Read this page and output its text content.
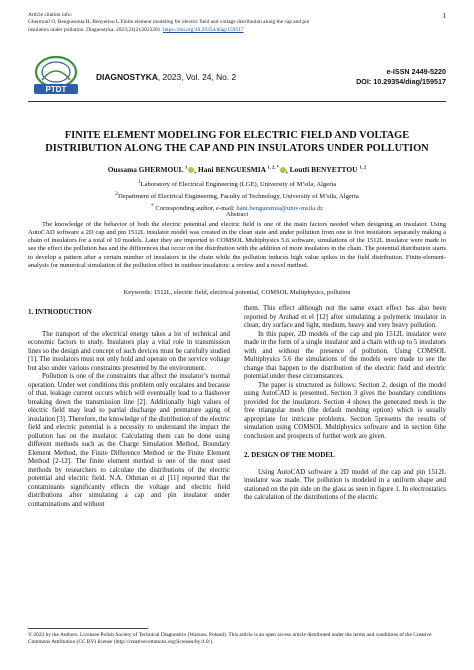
Article citation info:
Ghermoul O, Benguesmia H, Benyettou L.Finite element modeling for electric field and voltage distribution along the cap and pin
insulators under pollution. Diagnostyka. 2023;24(2):2023201. https://doi.org/10.29354/diag/159517
1
PTDT
DIAGNOSTYKA, 2023, Vol. 24, No. 2
e-ISSN 2449-5220
DOI: 10.29354/diag/159517
FINITE ELEMENT MODELING FOR ELECTRIC FIELD AND VOLTAGE
DISTRIBUTION ALONG THE CAP AND PIN INSULATORS UNDER POLLUTION
Oussama GHERMOUL $^1$ , Hani BENGUESMIA $^{1, 2, *}$ , Loutfi BENYETTOU $^{1, 2}$
$^1$Laboratory of Electrical Engineering (LGE), University of M’sila, Algeria
$^2$Department of Electrical Engineering, Faculty of Technology, University of M’sila, Algeria
* Corresponding author, e-mail: hani.benguesmia@univ-msila.dz
Abstract
The knowledge of the behavior of both the electric potential and electric field is one of the main factors needed when designing an insulator. Using AutoCAD software a 2D cap and pin 1512L insulator model was created in the clean state and under pollution from one to five insulators separately making a chain of insulators for a total of 10 models. Later they are imported to COMSOL Multiphysics 5.6 software, simulations of the 1512L insulator were made to see the effect the pollution has and the differences that occur on the distribution with the addition of more insulators in the chain. The potential distribution starts to develop a pattern after a certain number of insulators in the chain while the pollution induces high value spikes in the field distribution. Finite-element-analysis for numerical simulation of the pollution effect in outdoor insulators: a review and a novel method.
Keywords: 1512L, electric field, electrical potential, COMSOL Multiphysics, pollution
1. INTRODUCTION

The transport of the electrical energy takes a lot of technical and economic factors to study. Insulators play a vital role in transmission lines so the design and concept of such devices must be carefully studied [1]. The insulators must not only hold and operate on the service voltage but also under various constraints presented by the environment.

Pollution is one of the constraints that affect the insulator’s normal operation. Under wet conditions this problem only escalates and because of that, leakage current occurs which will eventually lead to a flashover breaking down the transmission line [2]. Additionally high values of electric field may lead to partial discharge and premature aging of insulation [3]. Therefore, the knowledge of the distribution of the electric field and electric potential is a necessity to understand the impact the pollution has on the insulator. Calculating them can be done using different methods such as the Charge Simulation Method, Boundary Element Method, the Finite Difference Method or the Finite Element Method [2-12]. The finite element method is one of the most used methods by researchers to calculate the distributions of the electric potential and electric field. N.A. Othman et al [11] reported that the contaminants significantly effects the voltage and electric field distributions after simulating a cap and pin insulator under contaminations and without

them. This effect although not the same exact effect has also been reported by Arshad et el [12] after simulating a polymeric insulator in clean, dry surface and light, medium, heavy and very heavy pollution.

In this paper, 2D models of the cap and pin 1512L insulator were made in the form of a single insulator and a chain with up to 5 insulators with and without the presence of pollution. Using COMSOL Multiphysics 5.6 the simulations of the models were made to see the change that happen to the distribution of the electric field and electric potential under these circumstances.

The paper is structured as follows: Section 2, design of the model using AutoCAD is presented, Section 3 gives the boundary conditions provided for the insulators. Section 4 shows the generated mesh is the free triangular mesh (the default meshing option) which is usually appropriate for intricate problems. Section 5presents the results of simulation using COMSOL Multiphysics software and in section 6the conclusion and prospects of further work are given.

2. DESIGN OF THE MODEL

Using AutoCAD software a 2D model of the cap and pin 1512L insulator was made. The pollution is modeled in a uniform shape and stationed on the pin side on the glass as seen in figure 1. In electrostatics the calculation of the distributions of the electric

© 2023 by the Authors. Licensee Polish Society of Technical Diagnostics (Warsaw. Poland). This article is an open access article distributed under the terms and conditions of the Creative Commons Attribution (CC BY) license (http://creativecommons.org/licenses/by/4.0/).
